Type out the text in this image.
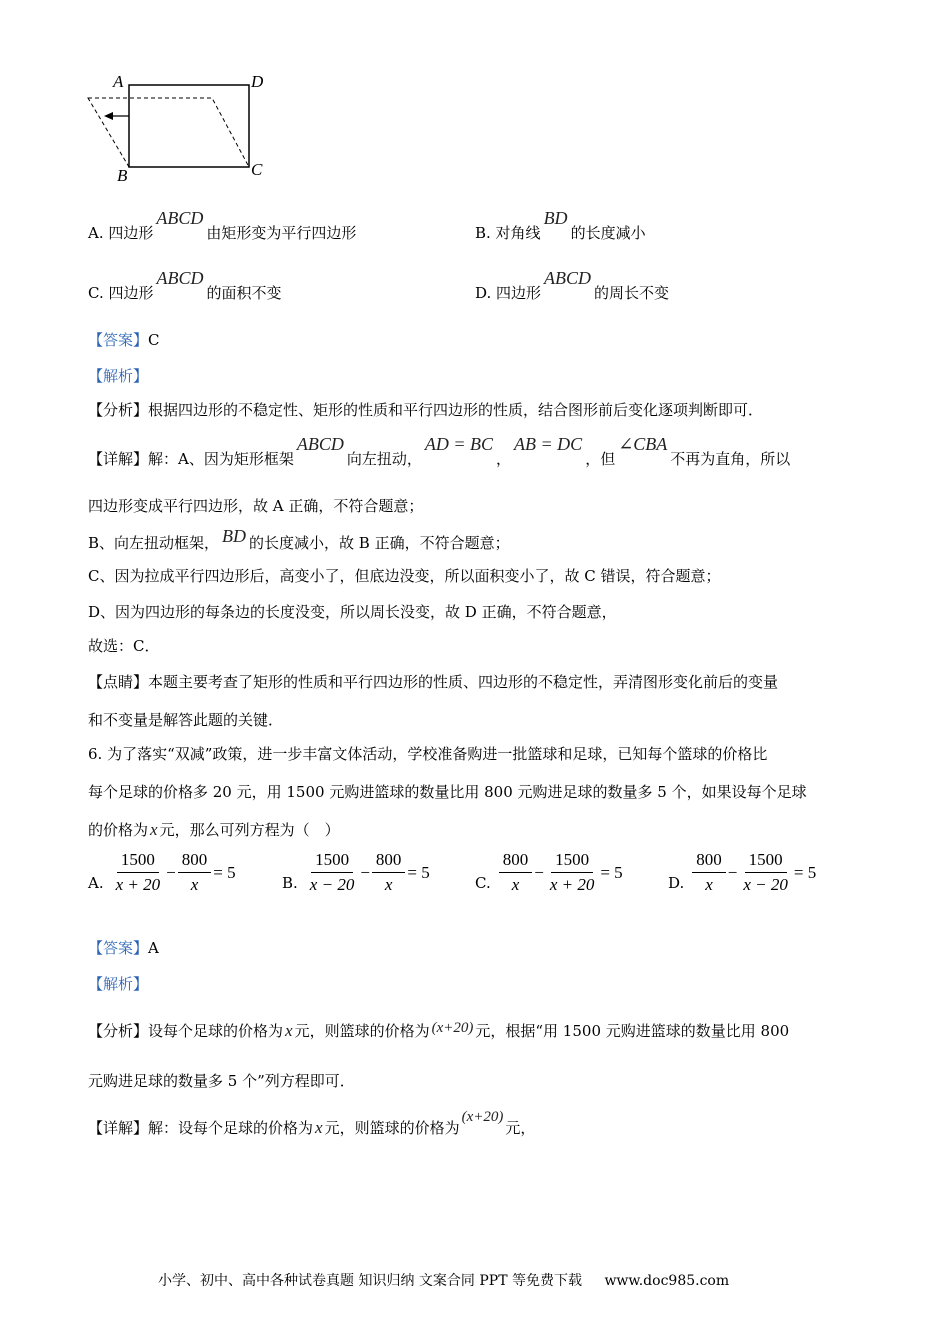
A	D
B	C
A. 四边形ABCD由矩形变为平行四边形	B. 对角线BD的长度减小
C. 四边形ABCD的面积不变	D. 四边形ABCD的周长不变
【答案】C
【解析】
【分析】根据四边形的不稳定性、矩形的性质和平行四边形的性质，结合图形前后变化逐项判断即可．
【详解】解：A、因为矩形框架ABCD向左扭动，AD = BC，AB = DC，但∠CBA不再为直角，所以
四边形变成平行四边形，故 A 正确，不符合题意；
B、向左扭动框架， BD 的长度减小，故 B 正确，不符合题意；
C、因为拉成平行四边形后，高变小了，但底边没变，所以面积变小了，故 C 错误，符合题意；
D、因为四边形的每条边的长度没变，所以周长没变，故 D 正确，不符合题意，
故选：C．
【点睛】本题主要考查了矩形的性质和平行四边形的性质、四边形的不稳定性，弄清图形变化前后的变量
和不变量是解答此题的关键．
6. 为了落实“双减”政策，进一步丰富文体活动，学校准备购进一批篮球和足球，已知每个篮球的价格比
每个足球的价格多 20 元，用 1500 元购进篮球的数量比用 800 元购进足球的数量多 5 个，如果设每个足球
的价格为 x 元，那么可列方程为（　）
A. $\frac{1500}{x + 20} - \frac{800}{x} = 5$
B. $\frac{1500}{x - 20} - \frac{800}{x} = 5$
C. $\frac{800}{x} - \frac{1500}{x + 20} = 5$
D. $\frac{800}{x} - \frac{1500}{x - 20} = 5$
【答案】A
【解析】
【分析】设每个足球的价格为 x 元，则篮球的价格为 (x+20) 元，根据“用 1500 元购进篮球的数量比用 800
元购进足球的数量多 5 个”列方程即可．
【详解】解：设每个足球的价格为 x 元，则篮球的价格为(x+20)元，
小学、初中、高中各种试卷真题 知识归纳 文案合同 PPT 等免费下载 www.doc985.com
